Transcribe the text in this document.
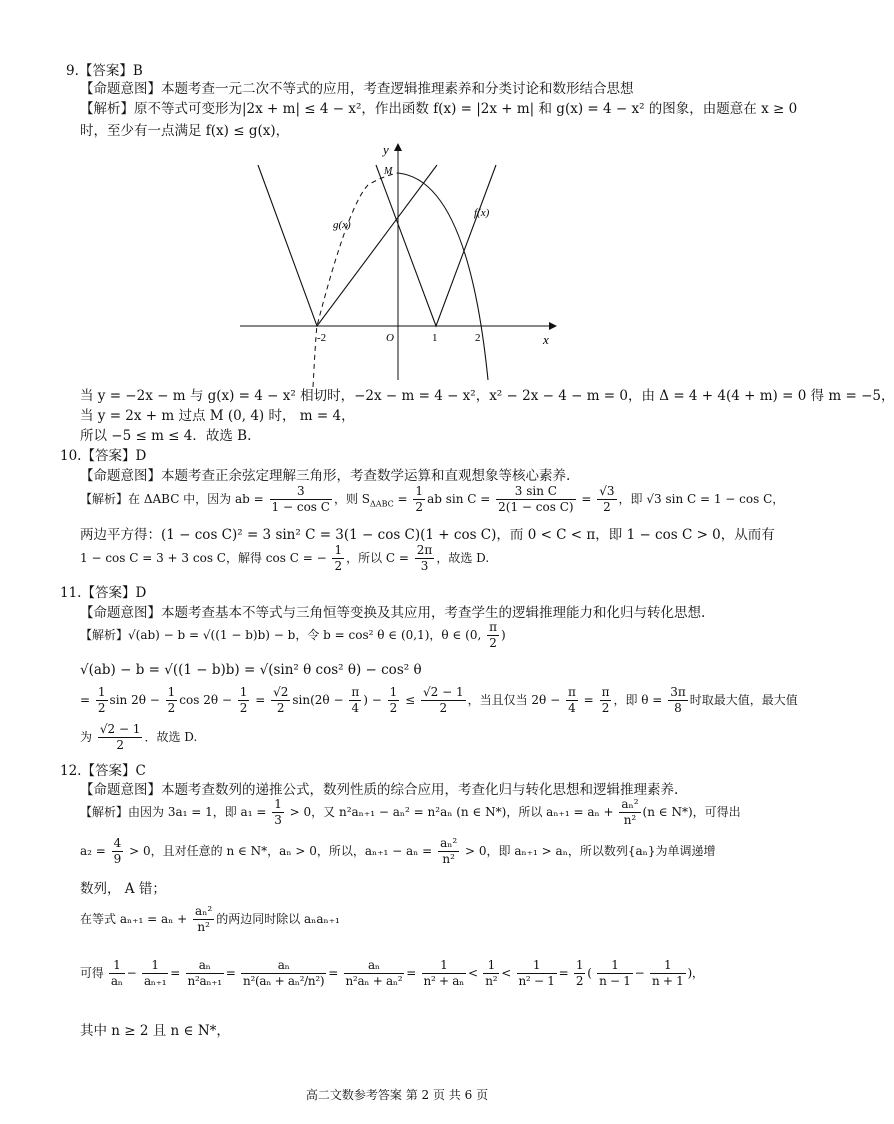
9.【答案】B
【命题意图】本题考查一元二次不等式的应用，考查逻辑推理素养和分类讨论和数形结合思想
【解析】原不等式可变形为|2x + m| ≤ 4 − x²，作出函数 f(x) = |2x + m| 和 g(x) = 4 − x² 的图象，由题意在 x ≥ 0
时，至少有一点满足 f(x) ≤ g(x)，
y
x
M
g(x)
f(x)
-2	O	1	2
当 y = −2x − m 与 g(x) = 4 − x² 相切时，−2x − m = 4 − x²，x² − 2x − 4 − m = 0，由 Δ = 4 + 4(4 + m) = 0 得 m = −5，
当 y = 2x + m 过点 M (0, 4) 时， m = 4，
所以 −5 ≤ m ≤ 4．故选 B.
10.【答案】D
【命题意图】本题考查正余弦定理解三角形，考查数学运算和直观想象等核心素养.
【解析】在 ΔABC 中，因为 ab = $\frac{3}{\text{1 − cos C}}$ ，则 $S_{\Delta ABC} = \frac{1}{2}$ ab $\sin C = \frac{\text{3 sin C}}{\text{2(1 − cos C)}} = \frac{√3}{2}$ ，即 √3 sin C = 1 − cos C，
两边平方得：(1 − cos C)² = 3 sin² C = 3(1 − cos C)(1 + cos C)，而 0 < C < π，即 1 − cos C > 0，从而有
1 − cos C = 3 + 3 cos C，解得 cos C = − $\frac{1}{2}$ ，所以 $C = \frac{2\pi}{3}$ ，故选 D.
11.【答案】D
【命题意图】本题考查基本不等式与三角恒等变换及其应用，考查学生的逻辑推理能力和化归与转化思想.
【解析】√(ab) − b = √((1 − b)b) − b，令 b = cos² θ ∈ (0,1)，θ ∈ (0, $\frac{\pi}{2}$ )
√(ab) − b = √((1 − b)b) = √(sin² θ cos² θ) − cos² θ
= $\frac{1}{2}$ $\sin 2\theta - \frac{1}{2}$ $\cos 2\theta - \frac{1}{2} = \frac{√2}{2} \sin(2\theta - \frac{\pi}{4}$ ) − $\frac{1}{2} \le \frac{√2 - 1}{2}$ ，当且仅当 $2\theta - \frac{\pi}{4} = \frac{\pi}{2}$ ，即 $\theta = \frac{3\pi}{8}$ 时取最大值，最大值
为 $\frac{√2 - 1}{2}$ ．故选 D.
12.【答案】C
【命题意图】本题考查数列的递推公式，数列性质的综合应用，考查化归与转化思想和逻辑推理素养.
【解析】由因为 3a₁ = 1，即 $a_1 = \frac{1}{3} > 0$，又 n²aₙ₊₁ − aₙ² = n²aₙ (n ∈ N*)，所以 $a_{n+1} = a_n + \frac{\text{aₙ²}}{\text{n²}} (n$ ∈ N*)，可得出
$a_2 = \frac{4}{9} > 0$，且对任意的 n ∈ N*，aₙ > 0，所以，$a_{n+1} - a_n = \frac{\text{aₙ²}}{\text{n²}} > 0$，即 aₙ₊₁ > aₙ，所以数列{aₙ}为单调递增
数列， A 错；
在等式 $a_{n+1} = a_n + \frac{\text{aₙ²}}{\text{n²}}$ 的两边同时除以 aₙaₙ₊₁
可得 $\frac{1}{\text{aₙ}} - \frac{1}{\text{aₙ₊₁}} = \frac{\text{aₙ}}{\text{n²aₙ₊₁}} = \frac{\text{aₙ}}{\text{n²(aₙ + aₙ²/n²)}} = \frac{\text{aₙ}}{\text{n²aₙ + aₙ²}} = \frac{1}{\text{n² + aₙ}} < \frac{1}{\text{n²}} < \frac{1}{\text{n² − 1}} = \frac{1}{2}$ ( $\frac{1}{n - 1} - \frac{1}{n + 1}$ )，
其中 n ≥ 2 且 n ∈ N*，
高二文数参考答案 第 2 页 共 6 页
